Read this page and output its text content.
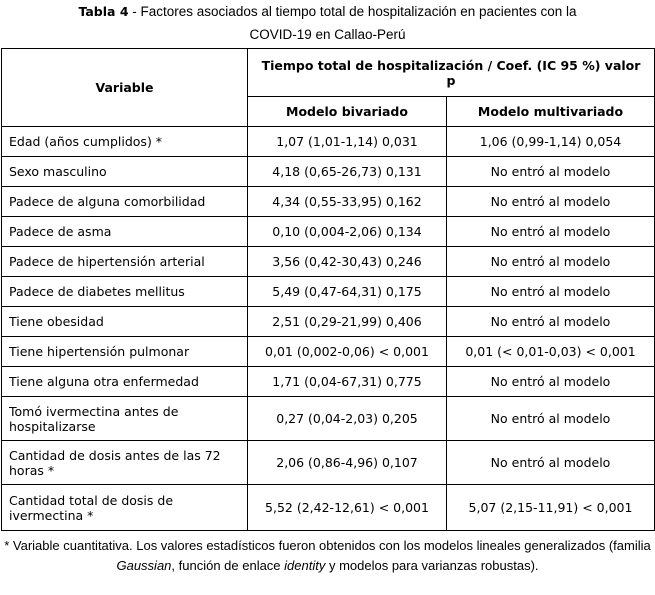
Tabla 4 - Factores asociados al tiempo total de hospitalización en pacientes con la
COVID-19 en Callao-Perú
Variable	Tiempo total de hospitalización / Coef. (IC 95 %) valor p	
	Modelo bivariado	Modelo multivariado
Edad (años cumplidos) *	1,07 (1,01-1,14) 0,031	1,06 (0,99-1,14) 0,054
Sexo masculino	4,18 (0,65-26,73) 0,131	No entró al modelo
Padece de alguna comorbilidad	4,34 (0,55-33,95) 0,162	No entró al modelo
Padece de asma	0,10 (0,004-2,06) 0,134	No entró al modelo
Padece de hipertensión arterial	3,56 (0,42-30,43) 0,246	No entró al modelo
Padece de diabetes mellitus	5,49 (0,47-64,31) 0,175	No entró al modelo
Tiene obesidad	2,51 (0,29-21,99) 0,406	No entró al modelo
Tiene hipertensión pulmonar	0,01 (0,002-0,06) < 0,001	0,01 (< 0,01-0,03) < 0,001
Tiene alguna otra enfermedad	1,71 (0,04-67,31) 0,775	No entró al modelo
Tomó ivermectina antes de hospitalizarse	0,27 (0,04-2,03) 0,205	No entró al modelo
Cantidad de dosis antes de las 72 horas *	2,06 (0,86-4,96) 0,107	No entró al modelo
Cantidad total de dosis de ivermectina *	5,52 (2,42-12,61) < 0,001	5,07 (2,15-11,91) < 0,001
* Variable cuantitativa. Los valores estadísticos fueron obtenidos con los modelos lineales generalizados (familia Gaussian, función de enlace identity y modelos para varianzas robustas).
